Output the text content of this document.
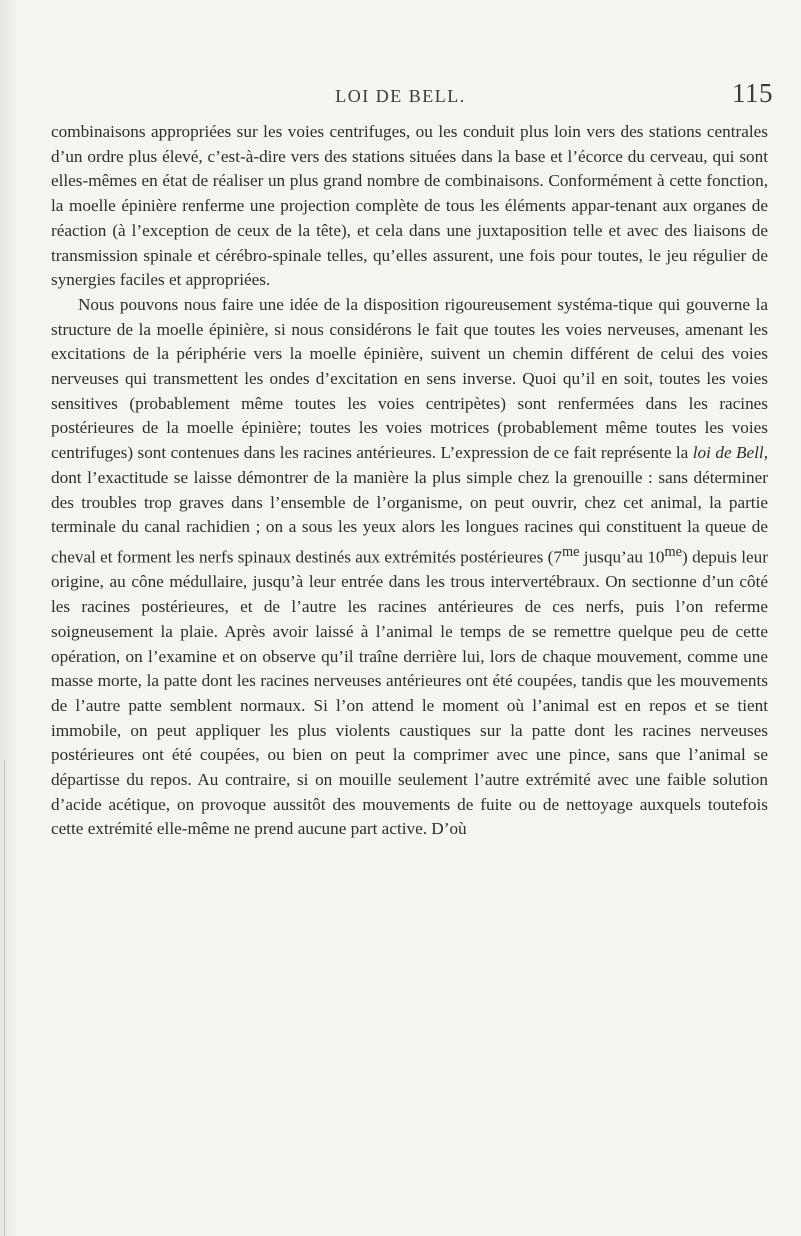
LOI DE BELL.	115

combinaisons appropriées sur les voies centrifuges, ou les conduit plus loin vers des stations centrales d’un ordre plus élevé, c’est-à-dire vers des stations situées dans la base et l’écorce du cerveau, qui sont elles-mêmes en état de réaliser un plus grand nombre de combinaisons. Conformément à cette fonction, la moelle épinière renferme une projection complète de tous les éléments appar-tenant aux organes de réaction (à l’exception de ceux de la tête), et cela dans une juxtaposition telle et avec des liaisons de transmission spinale et cérébro-spinale telles, qu’elles assurent, une fois pour toutes, le jeu régulier de synergies faciles et appropriées.

Nous pouvons nous faire une idée de la disposition rigoureusement systéma-tique qui gouverne la structure de la moelle épinière, si nous considérons le fait que toutes les voies nerveuses, amenant les excitations de la périphérie vers la moelle épinière, suivent un chemin différent de celui des voies nerveuses qui transmettent les ondes d’excitation en sens inverse. Quoi qu’il en soit, toutes les voies sensitives (probablement même toutes les voies centripètes) sont renfermées dans les racines postérieures de la moelle épinière; toutes les voies motrices (probablement même toutes les voies centrifuges) sont contenues dans les racines antérieures. L’expression de ce fait représente la loi de Bell, dont l’exactitude se laisse démontrer de la manière la plus simple chez la grenouille : sans déterminer des troubles trop graves dans l’ensemble de l’organisme, on peut ouvrir, chez cet animal, la partie terminale du canal rachidien ; on a sous les yeux alors les longues racines qui constituent la queue de cheval et forment les nerfs spinaux destinés aux extrémités postérieures ($7^{me}$ jusqu’au $10^{me}$) depuis leur origine, au cône médullaire, jusqu’à leur entrée dans les trous intervertébraux. On sectionne d’un côté les racines postérieures, et de l’autre les racines antérieures de ces nerfs, puis l’on referme soigneusement la plaie. Après avoir laissé à l’animal le temps de se remettre quelque peu de cette opération, on l’examine et on observe qu’il traîne derrière lui, lors de chaque mouvement, comme une masse morte, la patte dont les racines nerveuses antérieures ont été coupées, tandis que les mouvements de l’autre patte semblent normaux. Si l’on attend le moment où l’animal est en repos et se tient immobile, on peut appliquer les plus violents caustiques sur la patte dont les racines nerveuses postérieures ont été coupées, ou bien on peut la comprimer avec une pince, sans que l’animal se départisse du repos. Au contraire, si on mouille seulement l’autre extrémité avec une faible solution d’acide acétique, on provoque aussitôt des mouvements de fuite ou de nettoyage auxquels toutefois cette extrémité elle-même ne prend aucune part active. D’où
